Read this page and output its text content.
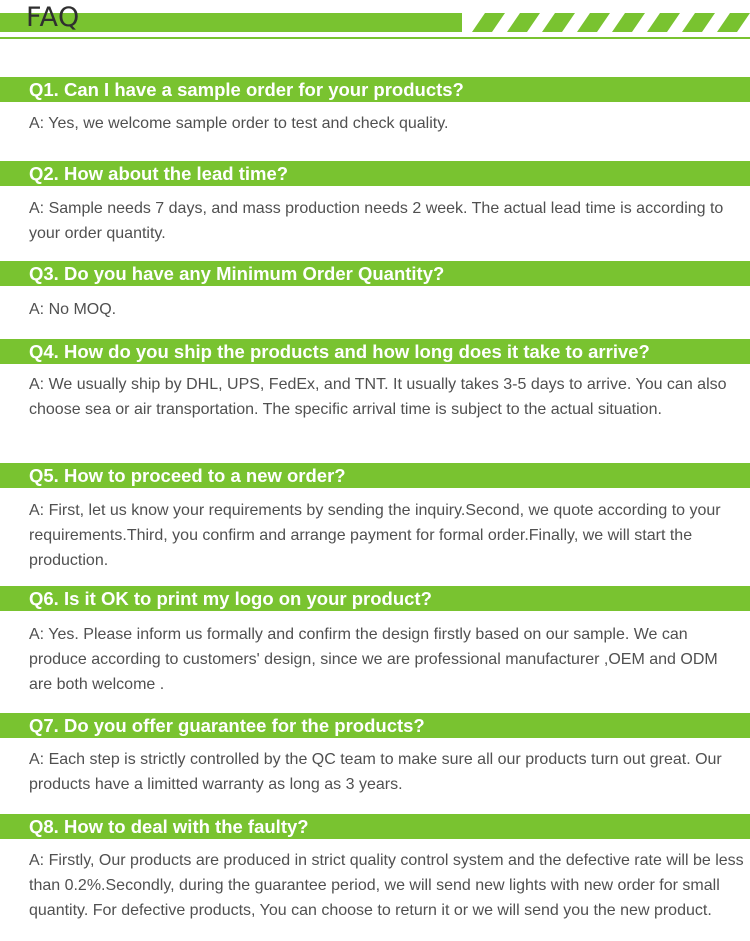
FAQ
Q1. Can I have a sample order for your products?
A: Yes, we welcome sample order to test and check quality.
Q2. How about the lead time?
A: Sample needs 7 days, and mass production needs 2 week. The actual lead time is according to your order quantity.
Q3. Do you have any Minimum Order Quantity?
A: No MOQ.
Q4. How do you ship the products and how long does it take to arrive?
A: We usually ship by DHL, UPS, FedEx, and TNT. It usually takes 3-5 days to arrive. You can also choose sea or air transportation. The specific arrival time is subject to the actual situation.
Q5. How to proceed to a new order?
A: First, let us know your requirements by sending the inquiry.Second, we quote according to your requirements.Third, you confirm and arrange payment for formal order.Finally, we will start the production.
Q6. Is it OK to print my logo on your product?
A: Yes. Please inform us formally and confirm the design firstly based on our sample. We can produce according to customers' design, since we are professional manufacturer ,OEM and ODM are both welcome .
Q7. Do you offer guarantee for the products?
A: Each step is strictly controlled by the QC team to make sure all our products turn out great. Our products have a limitted warranty as long as 3 years.
Q8. How to deal with the faulty?
A: Firstly, Our products are produced in strict quality control system and the defective rate will be less than 0.2%.Secondly, during the guarantee period, we will send new lights with new order for small quantity. For defective products, You can choose to return it or we will send you the new product.
